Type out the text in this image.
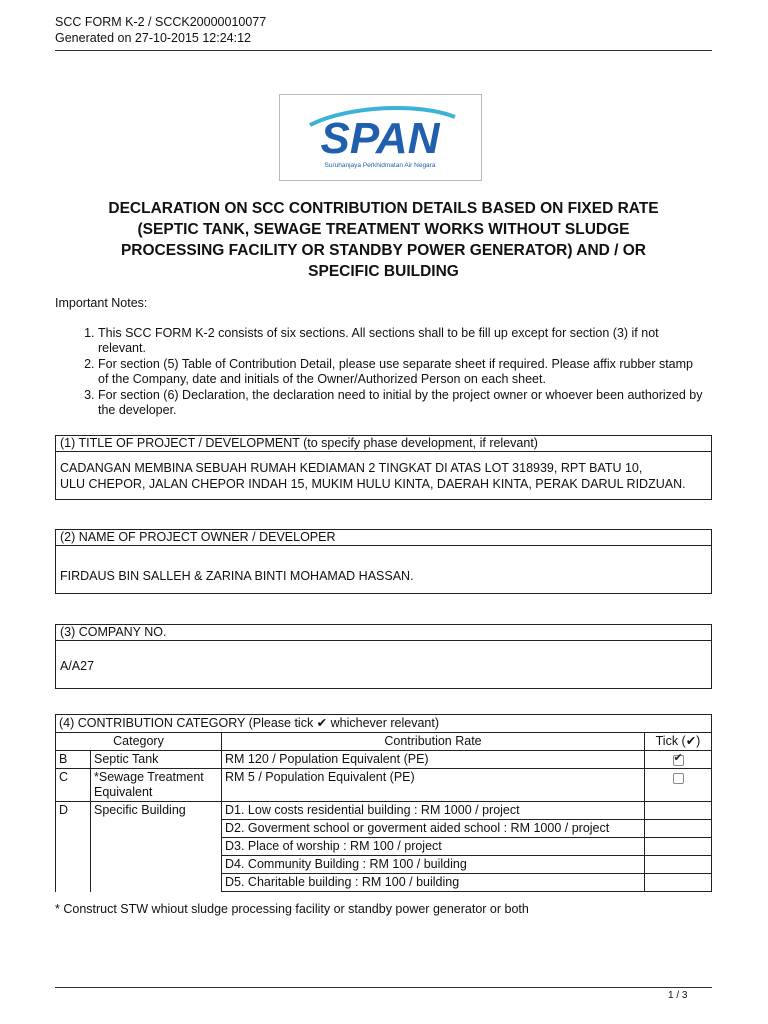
SCC FORM K-2 / SCCK20000010077
Generated on 27-10-2015 12:24:12
SPAN
Suruhanjaya Perkhidmatan Air Negara
DECLARATION ON SCC CONTRIBUTION DETAILS BASED ON FIXED RATE
(SEPTIC TANK, SEWAGE TREATMENT WORKS WITHOUT SLUDGE
PROCESSING FACILITY OR STANDBY POWER GENERATOR) AND / OR
SPECIFIC BUILDING
Important Notes:
1. This SCC FORM K-2 consists of six sections. All sections shall to be fill up except for section (3) if not relevant.
2. For section (5) Table of Contribution Detail, please use separate sheet if required. Please affix rubber stamp of the Company, date and initials of the Owner/Authorized Person on each sheet.
3. For section (6) Declaration, the declaration need to initial by the project owner or whoever been authorized by the developer.
(1) TITLE OF PROJECT / DEVELOPMENT (to specify phase development, if relevant)
CADANGAN MEMBINA SEBUAH RUMAH KEDIAMAN 2 TINGKAT DI ATAS LOT 318939, RPT BATU 10,
ULU CHEPOR, JALAN CHEPOR INDAH 15, MUKIM HULU KINTA, DAERAH KINTA, PERAK DARUL RIDZUAN.
(2) NAME OF PROJECT OWNER / DEVELOPER
FIRDAUS BIN SALLEH & ZARINA BINTI MOHAMAD HASSAN.
(3) COMPANY NO.
A/A27
(4) CONTRIBUTION CATEGORY (Please tick ✔ whichever relevant)			
Category		Contribution Rate	Tick (✔)
B	Septic Tank	RM 120 / Population Equivalent (PE)	✔
C	*Sewage Treatment Equivalent	RM 5 / Population Equivalent (PE)	
D	Specific Building	D1. Low costs residential building : RM 1000 / project	
		D2. Goverment school or goverment aided school : RM 1000 / project	
		D3. Place of worship : RM 100 / project	
		D4. Community Building : RM 100 / building	
		D5. Charitable building : RM 100 / building	
* Construct STW whiout sludge processing facility or standby power generator or both
1 / 3
